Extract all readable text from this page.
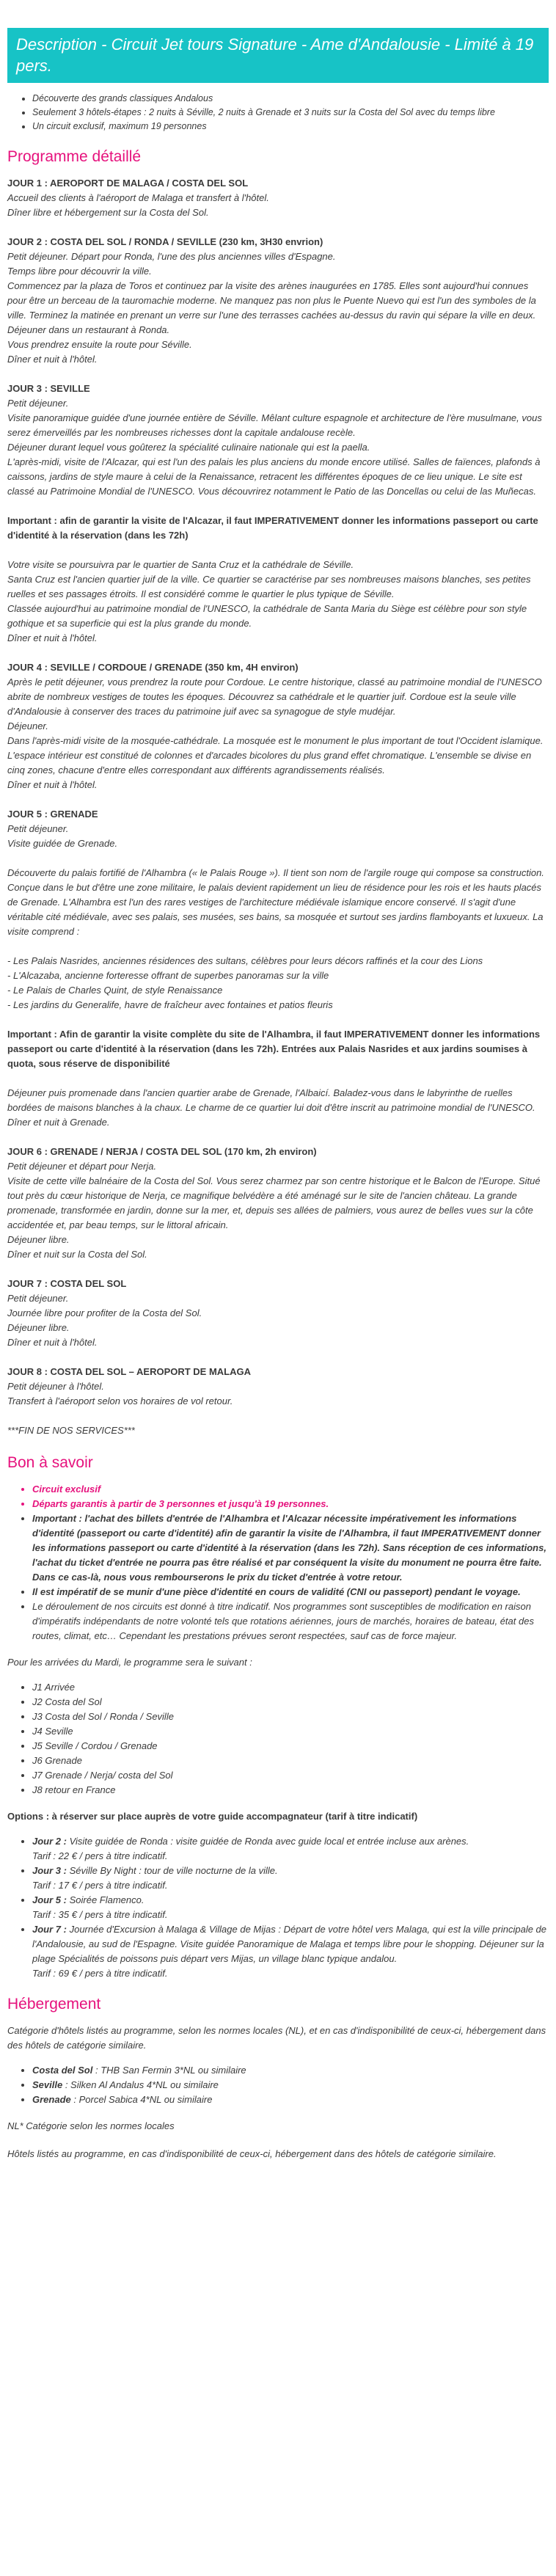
Description - Circuit Jet tours Signature - Ame d'Andalousie - Limité à 19 pers.
• Découverte des grands classiques Andalous
• Seulement 3 hôtels-étapes : 2 nuits à Séville, 2 nuits à Grenade et 3 nuits sur la Costa del Sol avec du temps libre
• Un circuit exclusif, maximum 19 personnes
Programme détaillé

JOUR 1 : AEROPORT DE MALAGA / COSTA DEL SOL

Accueil des clients à l'aéroport de Malaga et transfert à l'hôtel.

Dîner libre et hébergement sur la Costa del Sol.

JOUR 2 : COSTA DEL SOL / RONDA / SEVILLE (230 km, 3H30 envrion)

Petit déjeuner. Départ pour Ronda, l'une des plus anciennes villes d'Espagne.

Temps libre pour découvrir la ville.

Commencez par la plaza de Toros et continuez par la visite des arènes inaugurées en 1785. Elles sont aujourd'hui connues pour être un berceau de la tauromachie moderne. Ne manquez pas non plus le Puente Nuevo qui est l'un des symboles de la ville. Terminez la matinée en prenant un verre sur l'une des terrasses cachées au-dessus du ravin qui sépare la ville en deux.

Déjeuner dans un restaurant à Ronda.

Vous prendrez ensuite la route pour Séville.

Dîner et nuit à l'hôtel.

JOUR 3 : SEVILLE

Petit déjeuner.

Visite panoramique guidée d'une journée entière de Séville. Mêlant culture espagnole et architecture de l'ère musulmane, vous serez émerveillés par les nombreuses richesses dont la capitale andalouse recèle.

Déjeuner durant lequel vous goûterez la spécialité culinaire nationale qui est la paella.

L'après-midi, visite de l'Alcazar, qui est l'un des palais les plus anciens du monde encore utilisé. Salles de faïences, plafonds à caissons, jardins de style maure à celui de la Renaissance, retracent les différentes époques de ce lieu unique. Le site est classé au Patrimoine Mondial de l'UNESCO. Vous découvrirez notamment le Patio de las Doncellas ou celui de las Muñecas.

Important : afin de garantir la visite de l'Alcazar, il faut IMPERATIVEMENT donner les informations passeport ou carte d'identité à la réservation (dans les 72h)

Votre visite se poursuivra par le quartier de Santa Cruz et la cathédrale de Séville.

Santa Cruz est l'ancien quartier juif de la ville. Ce quartier se caractérise par ses nombreuses maisons blanches, ses petites ruelles et ses passages étroits. Il est considéré comme le quartier le plus typique de Séville.

Classée aujourd'hui au patrimoine mondial de l'UNESCO, la cathédrale de Santa Maria du Siège est célèbre pour son style gothique et sa superficie qui est la plus grande du monde.

Dîner et nuit à l'hôtel.

JOUR 4 : SEVILLE / CORDOUE / GRENADE (350 km, 4H environ)

Après le petit déjeuner, vous prendrez la route pour Cordoue. Le centre historique, classé au patrimoine mondial de l'UNESCO abrite de nombreux vestiges de toutes les époques. Découvrez sa cathédrale et le quartier juif. Cordoue est la seule ville d'Andalousie à conserver des traces du patrimoine juif avec sa synagogue de style mudéjar.

Déjeuner.

Dans l'après-midi visite de la mosquée-cathédrale. La mosquée est le monument le plus important de tout l'Occident islamique. L'espace intérieur est constitué de colonnes et d'arcades bicolores du plus grand effet chromatique. L'ensemble se divise en cinq zones, chacune d'entre elles correspondant aux différents agrandissements réalisés.

Dîner et nuit à l'hôtel.

JOUR 5 : GRENADE

Petit déjeuner.

Visite guidée de Grenade.

Découverte du palais fortifié de l'Alhambra (« le Palais Rouge »). Il tient son nom de l'argile rouge qui compose sa construction. Conçue dans le but d'être une zone militaire, le palais devient rapidement un lieu de résidence pour les rois et les hauts placés de Grenade. L'Alhambra est l'un des rares vestiges de l'architecture médiévale islamique encore conservé. Il s'agit d'une véritable cité médiévale, avec ses palais, ses musées, ses bains, sa mosquée et surtout ses jardins flamboyants et luxueux. La visite comprend :

- Les Palais Nasrides, anciennes résidences des sultans, célèbres pour leurs décors raffinés et la cour des Lions

- L'Alcazaba, ancienne forteresse offrant de superbes panoramas sur la ville

- Le Palais de Charles Quint, de style Renaissance

- Les jardins du Generalife, havre de fraîcheur avec fontaines et patios fleuris

Important : Afin de garantir la visite complète du site de l'Alhambra, il faut IMPERATIVEMENT donner les informations passeport ou carte d'identité à la réservation (dans les 72h). Entrées aux Palais Nasrides et aux jardins soumises à quota, sous réserve de disponibilité

Déjeuner puis promenade dans l'ancien quartier arabe de Grenade, l'Albaicí. Baladez-vous dans le labyrinthe de ruelles bordées de maisons blanches à la chaux. Le charme de ce quartier lui doit d'être inscrit au patrimoine mondial de l'UNESCO.

Dîner et nuit à Grenade.

JOUR 6 : GRENADE / NERJA / COSTA DEL SOL (170 km, 2h environ)

Petit déjeuner et départ pour Nerja.

Visite de cette ville balnéaire de la Costa del Sol. Vous serez charmez par son centre historique et le Balcon de l'Europe. Situé tout près du cœur historique de Nerja, ce magnifique belvédère a été aménagé sur le site de l'ancien château. La grande promenade, transformée en jardin, donne sur la mer, et, depuis ses allées de palmiers, vous aurez de belles vues sur la côte accidentée et, par beau temps, sur le littoral africain.

Déjeuner libre.

Dîner et nuit sur la Costa del Sol.

JOUR 7 : COSTA DEL SOL

Petit déjeuner.

Journée libre pour profiter de la Costa del Sol.

Déjeuner libre.

Dîner et nuit à l'hôtel.

JOUR 8 : COSTA DEL SOL – AEROPORT DE MALAGA

Petit déjeuner à l'hôtel.

Transfert à l'aéroport selon vos horaires de vol retour.

***FIN DE NOS SERVICES***

Bon à savoir
• Circuit exclusif
• Départs garantis à partir de 3 personnes et jusqu'à 19 personnes.
• Important : l'achat des billets d'entrée de l'Alhambra et l'Alcazar nécessite impérativement les informations d'identité (passeport ou carte d'identité) afin de garantir la visite de l'Alhambra, il faut IMPERATIVEMENT donner les informations passeport ou carte d'identité à la réservation (dans les 72h). Sans réception de ces informations, l'achat du ticket d'entrée ne pourra pas être réalisé et par conséquent la visite du monument ne pourra être faite. Dans ce cas-là, nous vous rembourserons le prix du ticket d'entrée à votre retour.
• Il est impératif de se munir d'une pièce d'identité en cours de validité (CNI ou passeport) pendant le voyage.
• Le déroulement de nos circuits est donné à titre indicatif. Nos programmes sont susceptibles de modification en raison d'impératifs indépendants de notre volonté tels que rotations aériennes, jours de marchés, horaires de bateau, état des routes, climat, etc… Cependant les prestations prévues seront respectées, sauf cas de force majeur.

Pour les arrivées du Mardi, le programme sera le suivant :

• J1 Arrivée
• J2 Costa del Sol
• J3 Costa del Sol / Ronda / Seville
• J4 Seville
• J5 Seville / Cordou / Grenade
• J6 Grenade
• J7 Grenade / Nerja/ costa del Sol
• J8 retour en France

Options : à réserver sur place auprès de votre guide accompagnateur (tarif à titre indicatif)

• Jour 2 : Visite guidée de Ronda : visite guidée de Ronda avec guide local et entrée incluse aux arènes.
Tarif : 22 € / pers à titre indicatif.
• Jour 3 : Séville By Night : tour de ville nocturne de la ville.
Tarif : 17 € / pers à titre indicatif.
• Jour 5 : Soirée Flamenco.
Tarif : 35 € / pers à titre indicatif.
• Jour 7 : Journée d'Excursion à Malaga & Village de Mijas : Départ de votre hôtel vers Malaga, qui est la ville principale de l'Andalousie, au sud de l'Espagne. Visite guidée Panoramique de Malaga et temps libre pour le shopping. Déjeuner sur la plage Spécialités de poissons puis départ vers Mijas, un village blanc typique andalou.
Tarif : 69 € / pers à titre indicatif.
Hébergement

Catégorie d'hôtels listés au programme, selon les normes locales (NL), et en cas d'indisponibilité de ceux-ci, hébergement dans des hôtels de catégorie similaire.

• Costa del Sol : THB San Fermin 3*NL ou similaire
• Seville : Silken Al Andalus 4*NL ou similaire
• Grenade : Porcel Sabica 4*NL ou similaire

NL* Catégorie selon les normes locales

Hôtels listés au programme, en cas d'indisponibilité de ceux-ci, hébergement dans des hôtels de catégorie similaire.
